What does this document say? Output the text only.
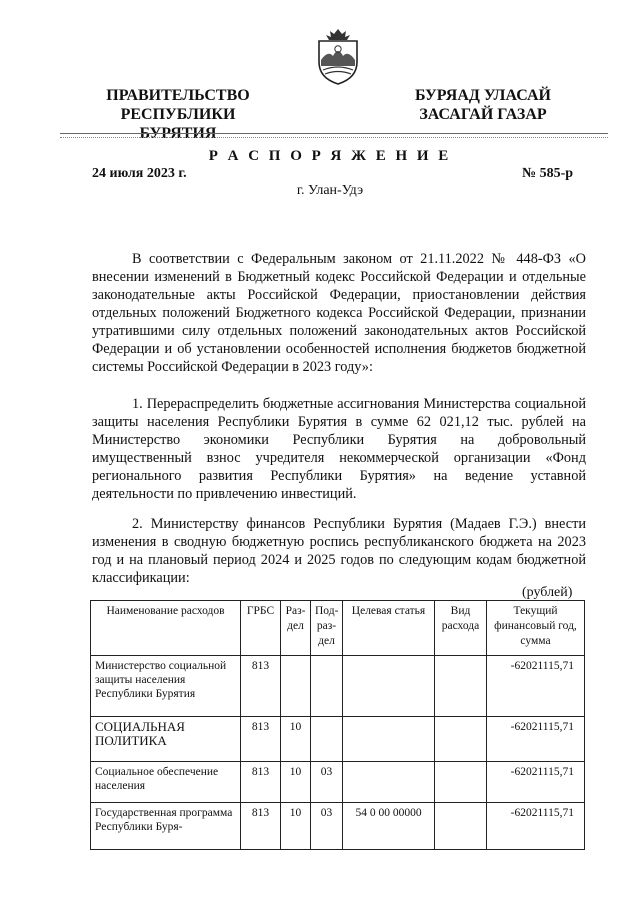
ПРАВИТЕЛЬСТВО
РЕСПУБЛИКИ БУРЯТИЯ
БУРЯАД УЛАСАЙ
ЗАСАГАЙ ГАЗАР
Р А С П О Р Я Ж Е Н И Е
24 июля 2023 г.	№ 585-р
г. Улан-Удэ

В соответствии с Федеральным законом от 21.11.2022 № 448-ФЗ «О внесении изменений в Бюджетный кодекс Российской Федерации и отдельные законодательные акты Российской Федерации, приостановлении действия отдельных положений Бюджетного кодекса Российской Федерации, признании утратившими силу отдельных положений законодательных актов Российской Федерации и об установлении особенностей исполнения бюджетов бюджетной системы Российской Федерации в 2023 году»:

1. Перераспределить бюджетные ассигнования Министерства социальной защиты населения Республики Бурятия в сумме 62 021,12 тыс. рублей на Министерство экономики Республики Бурятия на добровольный имущественный взнос учредителя некоммерческой организации «Фонд регионального развития Республики Бурятия» на ведение уставной деятельности по привлечению инвестиций.

2. Министерству финансов Республики Бурятия (Мадаев Г.Э.) внести изменения в сводную бюджетную роспись республиканского бюджета на 2023 год и на плановый период 2024 и 2025 годов по следующим кодам бюджетной классификации:

(рублей)
Наименование расходов	ГРБС	Раз-дел	Под-раз-дел	Целевая статья	Вид расхода	Текущий финансовый год, сумма
Министерство социальной защиты населения Республики Бурятия	813					-62021115,71
СОЦИАЛЬНАЯ ПОЛИТИКА	813	10				-62021115,71
Социальное обеспечение населения	813	10	03			-62021115,71
Государственная программа Республики Буря-	813	10	03	54 0 00 00000		-62021115,71
